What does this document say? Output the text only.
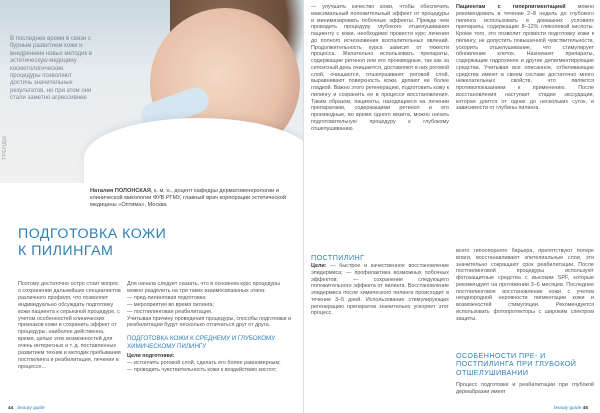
В последнее время в связи с бурным развитием кожи и внедрением новых методик в эстетическую медицину косметологические процедуры позволяют достичь значительных результатов, но при этом они стали заметно агрессивнее
ТРЕНДЫ
Наталия ПОЛОНСКАЯ, к. м. н., доцент кафедры дерматовенерологии и клинической микологии ФУВ РГМУ, главный врач корпорации эстетической медицины «Оптима», Москва
ПОДГОТОВКА КОЖИ
К ПИЛИНГАМ
Поэтому достаточно остро стоит вопрос о сохранении дальнейших специалистов различного профиля, что позволяет индивидуально обсуждать подготовку кожи пациента к серьезной процедуре, с учетом особенностей клинических признаков кожи и сохранить эффект от процедуры, наиболее действенна, время, целью этих возможностей для очень интересных и т. д. поставленных развитием техник и методик пребывания постпилинга и реабилитация, лечения в процессе...
Для начала следует сказать, что в основном курс процедуры можно разделить на три таких взаимосвязанных этапа:
— пред-пилинговая подготовка;
— мероприятия во время пилинга;
— постпилинговая реабилитация.
Учитывая причину проведения процедуры, способы подготовки и реабилитации будут несколько отличаться друг от друга.
ПОДГОТОВКА КОЖИ К СРЕДНЕМУ И ГЛУБОКОМУ ХИМИЧЕСКОМУ ПИЛИНГУ
Цели подготовки:
— истончить роговой слой, сделать его более равномерным;
— проводить чувствительность кожи к воздействию кислот;
44 beauty guide
— улучшить качество кожи, чтобы обеспечить максимальный положительный эффект от процедуры и минимизировать побочные эффекты. Прежде чем проводить процедуру глубокого отшелушивания пациенту с кожи, необходимо провести курс лечения до полного исчезновения воспалительных явлений. Продолжительность курса зависит от тяжести процесса. Желательно использовать препараты, содержащие ретинол или его производные, так как за сепсисный день очищаются, доставляют в них роговой слой, очищаются, отшелушивают роговой слой, выравнивают поверхность кожи, делают ее более гладкой. Важно этого регенерацию, подготовить кожу к пилингу и сохранить ее в процессе восстановления. Таким образом, пациенты, находящиеся на лечении препаратами, содержащими ретинол и его производные, во время одного визита, можно начать подготовительную процедуру к глубокому отшелушиванию.
Пациентам с гиперпигментацией можно рекомендовать в течение 2–8 недель до глубокого пилинга использовать в домашних условиях препараты, содержащие 8–12% гликолевой кислоты. Кроме того, это позволит провести подготовку кожи к пилингу, не допустить повышенной чувствительности, ускорить отшелушивание, что стимулирует обновление клеток. Назначают препараты, содержащие гидрохинон и другие депигментирующие средства. Учитывая все описанное, отбеливающие средства имеют в своем составе достаточно много нежелательных свойств, что является противопоказанием к применению. После восстановления наступает стадия экссудации, которая длится от одних до нескольких суток, в зависимости от глубины пилинга.
ПОСТПИЛИНГ
Цели: — быстрое и качественное восстановление эпидермиса; — профилактика возможных побочных эффектов; — сохранение следующего положительного эффекта от пилинга. Восстановление эпидермиса после химического пилинга происходит в течение 3–5 дней. Использование стимулирующих регенерацию препаратов значительно ускоряет этот процесс.
всего гипоопорного барьера, препятствуют потере влаги, восстанавливают эпителиальные слои, эти значительно сокращают срок реабилитации. После постпилинговой процедуры используют фотозащитные средства с высоким SPF, которые рекомендуют на протяжении 3–6 месяцев. Последнее постпилинговое восстановление кожи с учетом неоднородной неровности пигментации кожи и возможностей стимуляции. Рекомендуется использовать фотопротекторы с широким спектром защиты.
ОСОБЕННОСТИ ПРЕ- И ПОСТПИЛИНГА ПРИ ГЛУБОКОЙ ОТШЕЛУШИВАНИИ
Процесс подготовки и реабилитации при глубокой дермабразии имеет
beauty guide 45
